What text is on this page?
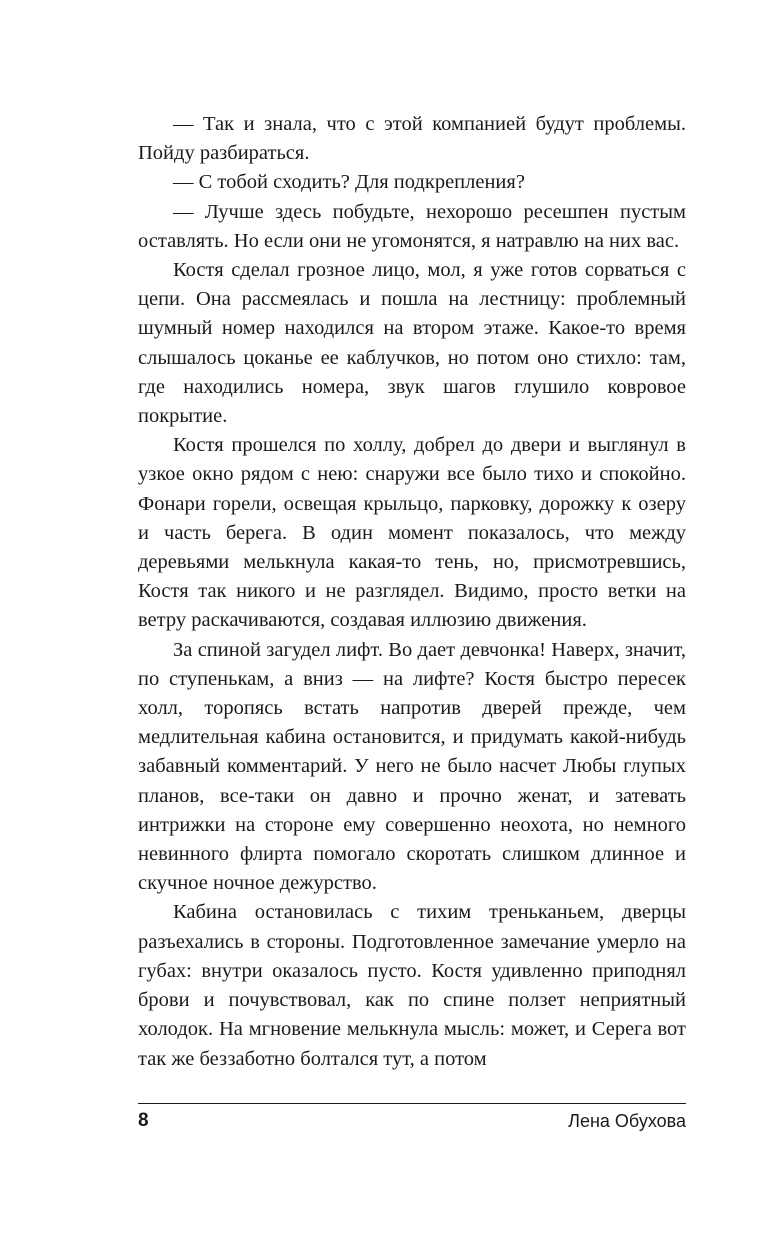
— Так и знала, что с этой компанией будут проблемы. Пойду разбираться.

— С тобой сходить? Для подкрепления?

— Лучше здесь побудьте, нехорошо ресешпен пустым оставлять. Но если они не угомонятся, я натравлю на них вас.

Костя сделал грозное лицо, мол, я уже готов сорваться с цепи. Она рассмеялась и пошла на лестницу: проблемный шумный номер находился на втором этаже. Какое-то время слышалось цоканье ее каблучков, но потом оно стихло: там, где находились номера, звук шагов глушило ковровое покрытие.

Костя прошелся по холлу, добрел до двери и выглянул в узкое окно рядом с нею: снаружи все было тихо и спокойно. Фонари горели, освещая крыльцо, парковку, дорожку к озеру и часть берега. В один момент показалось, что между деревьями мелькнула какая-то тень, но, присмотревшись, Костя так никого и не разглядел. Видимо, просто ветки на ветру раскачиваются, создавая иллюзию движения.

За спиной загудел лифт. Во дает девчонка! Наверх, значит, по ступенькам, а вниз — на лифте? Костя быстро пересек холл, торопясь встать напротив дверей прежде, чем медлительная кабина остановится, и придумать какой-нибудь забавный комментарий. У него не было насчет Любы глупых планов, все-таки он давно и прочно женат, и затевать интрижки на стороне ему совершенно неохота, но немного невинного флирта помогало скоротать слишком длинное и скучное ночное дежурство.

Кабина остановилась с тихим треньканьем, дверцы разъехались в стороны. Подготовленное замечание умерло на губах: внутри оказалось пусто. Костя удивленно приподнял брови и почувствовал, как по спине ползет неприятный холодок. На мгновение мелькнула мысль: может, и Серега вот так же беззаботно болтался тут, а потом

8	Лена Обухова
